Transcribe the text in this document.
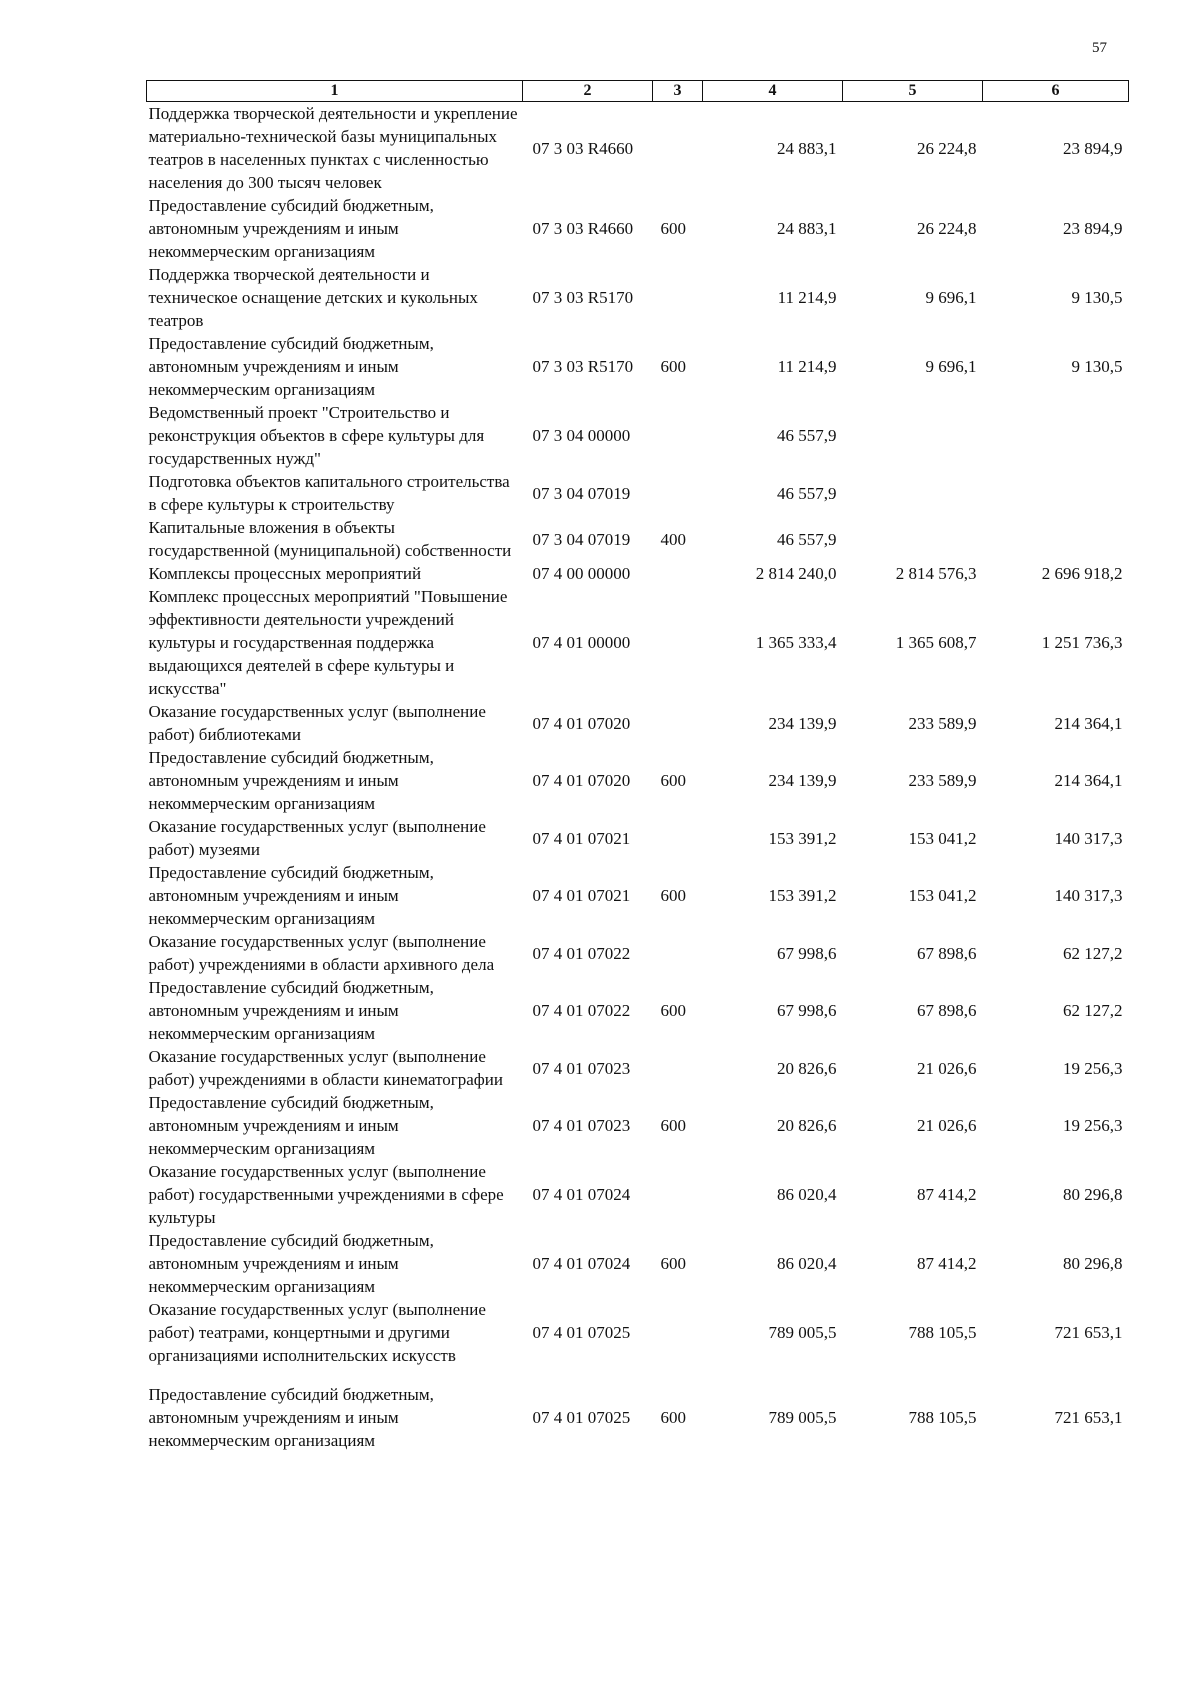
57
1	2	3	4	5	6
Поддержка творческой деятельности и укрепление материально-технической базы муниципальных театров в населенных пунктах с численностью населения до 300 тысяч человек	07 3 03 R4660		24 883,1	26 224,8	23 894,9
Предоставление субсидий бюджетным, автономным учреждениям и иным некоммерческим организациям	07 3 03 R4660	600	24 883,1	26 224,8	23 894,9
Поддержка творческой деятельности и техническое оснащение детских и кукольных театров	07 3 03 R5170		11 214,9	9 696,1	9 130,5
Предоставление субсидий бюджетным, автономным учреждениям и иным некоммерческим организациям	07 3 03 R5170	600	11 214,9	9 696,1	9 130,5
Ведомственный проект "Строительство и реконструкция объектов в сфере культуры для государственных нужд"	07 3 04 00000		46 557,9		
Подготовка объектов капитального строительства в сфере культуры к строительству	07 3 04 07019		46 557,9		
Капитальные вложения в объекты государственной (муниципальной) собственности	07 3 04 07019	400	46 557,9		
Комплексы процессных мероприятий	07 4 00 00000		2 814 240,0	2 814 576,3	2 696 918,2
Комплекс процессных мероприятий "Повышение эффективности деятельности учреждений культуры и государственная поддержка выдающихся деятелей в сфере культуры и искусства"	07 4 01 00000		1 365 333,4	1 365 608,7	1 251 736,3
Оказание государственных услуг (выполнение работ) библиотеками	07 4 01 07020		234 139,9	233 589,9	214 364,1
Предоставление субсидий бюджетным, автономным учреждениям и иным некоммерческим организациям	07 4 01 07020	600	234 139,9	233 589,9	214 364,1
Оказание государственных услуг (выполнение работ) музеями	07 4 01 07021		153 391,2	153 041,2	140 317,3
Предоставление субсидий бюджетным, автономным учреждениям и иным некоммерческим организациям	07 4 01 07021	600	153 391,2	153 041,2	140 317,3
Оказание государственных услуг (выполнение работ) учреждениями в области архивного дела	07 4 01 07022		67 998,6	67 898,6	62 127,2
Предоставление субсидий бюджетным, автономным учреждениям и иным некоммерческим организациям	07 4 01 07022	600	67 998,6	67 898,6	62 127,2
Оказание государственных услуг (выполнение работ) учреждениями в области кинематографии	07 4 01 07023		20 826,6	21 026,6	19 256,3
Предоставление субсидий бюджетным, автономным учреждениям и иным некоммерческим организациям	07 4 01 07023	600	20 826,6	21 026,6	19 256,3
Оказание государственных услуг (выполнение работ) государственными учреждениями в сфере культуры	07 4 01 07024		86 020,4	87 414,2	80 296,8
Предоставление субсидий бюджетным, автономным учреждениям и иным некоммерческим организациям	07 4 01 07024	600	86 020,4	87 414,2	80 296,8
Оказание государственных услуг (выполнение работ) театрами, концертными и другими организациями исполнительских искусств	07 4 01 07025		789 005,5	788 105,5	721 653,1

Предоставление субсидий бюджетным, автономным учреждениям и иным некоммерческим организациям	07 4 01 07025	600	789 005,5	788 105,5	721 653,1
